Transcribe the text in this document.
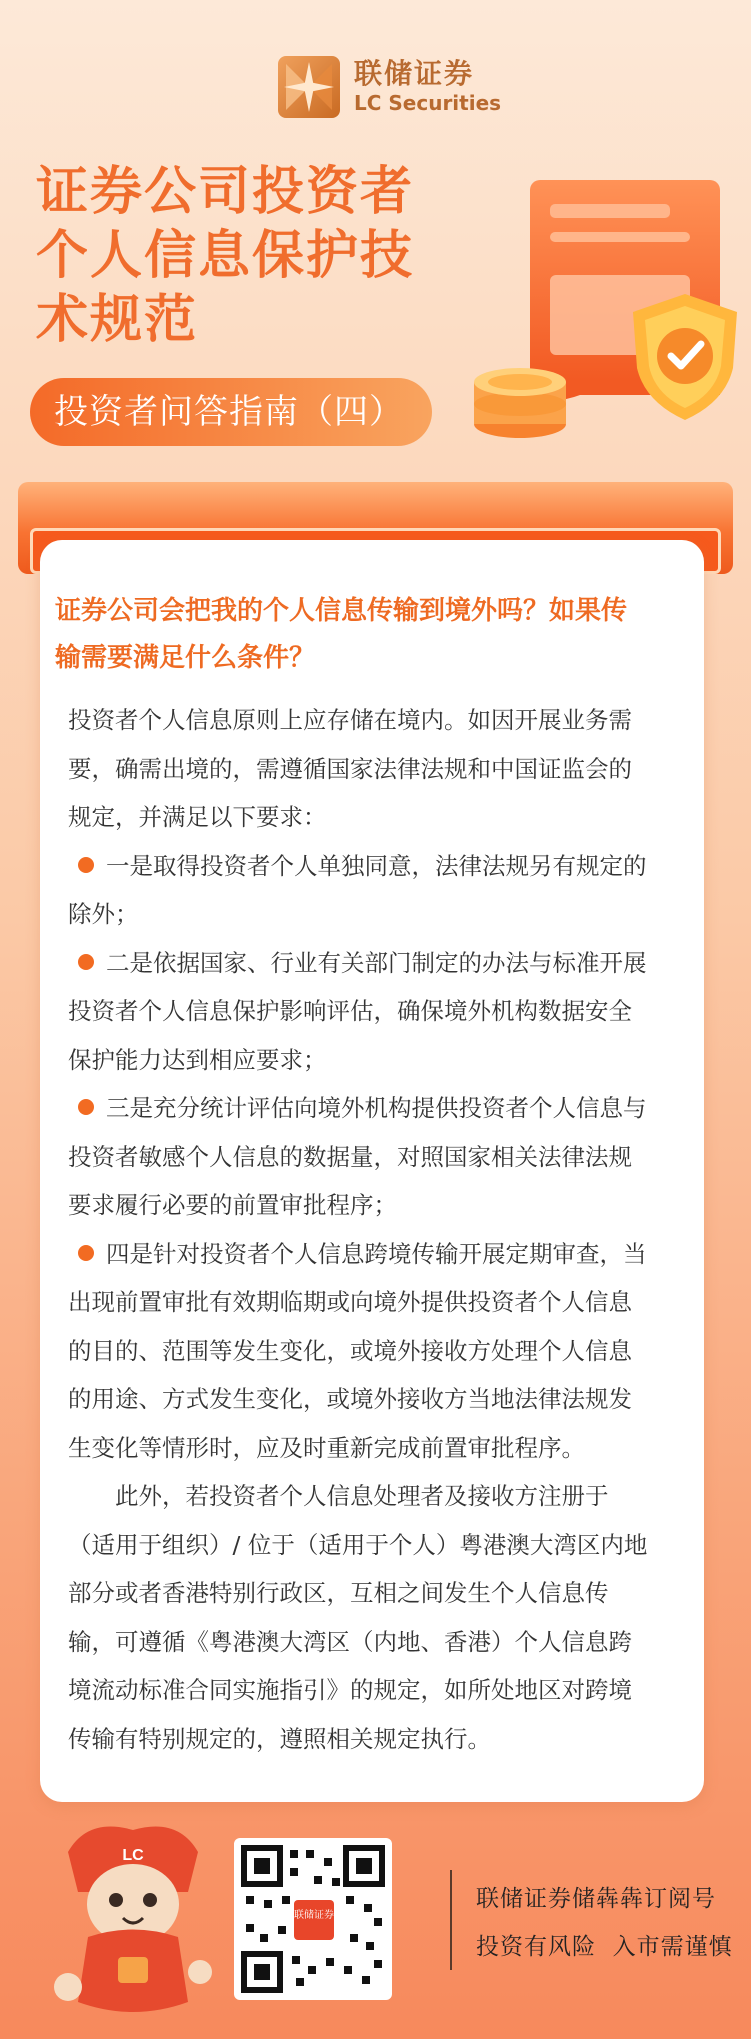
联储证券
LC Securities
证券公司投资者
个人信息保护技
术规范
投资者问答指南（四）
证券公司会把我的个人信息传输到境外吗？如果传
输需要满足什么条件？
投资者个人信息原则上应存储在境内。如因开展业务需
要，确需出境的，需遵循国家法律法规和中国证监会的
规定，并满足以下要求：
一是取得投资者个人单独同意，法律法规另有规定的
除外；
二是依据国家、行业有关部门制定的办法与标准开展
投资者个人信息保护影响评估，确保境外机构数据安全
保护能力达到相应要求；
三是充分统计评估向境外机构提供投资者个人信息与
投资者敏感个人信息的数据量，对照国家相关法律法规
要求履行必要的前置审批程序；
四是针对投资者个人信息跨境传输开展定期审查，当
出现前置审批有效期临期或向境外提供投资者个人信息
的目的、范围等发生变化，或境外接收方处理个人信息
的用途、方式发生变化，或境外接收方当地法律法规发
生变化等情形时，应及时重新完成前置审批程序。
此外，若投资者个人信息处理者及接收方注册于
（适用于组织）/ 位于（适用于个人）粤港澳大湾区内地
部分或者香港特别行政区，互相之间发生个人信息传
输，可遵循《粤港澳大湾区（内地、香港）个人信息跨
境流动标准合同实施指引》的规定，如所处地区对跨境
传输有特别规定的，遵照相关规定执行。
LC
联储证券
联储证券储犇犇订阅号
投资有风险  入市需谨慎
